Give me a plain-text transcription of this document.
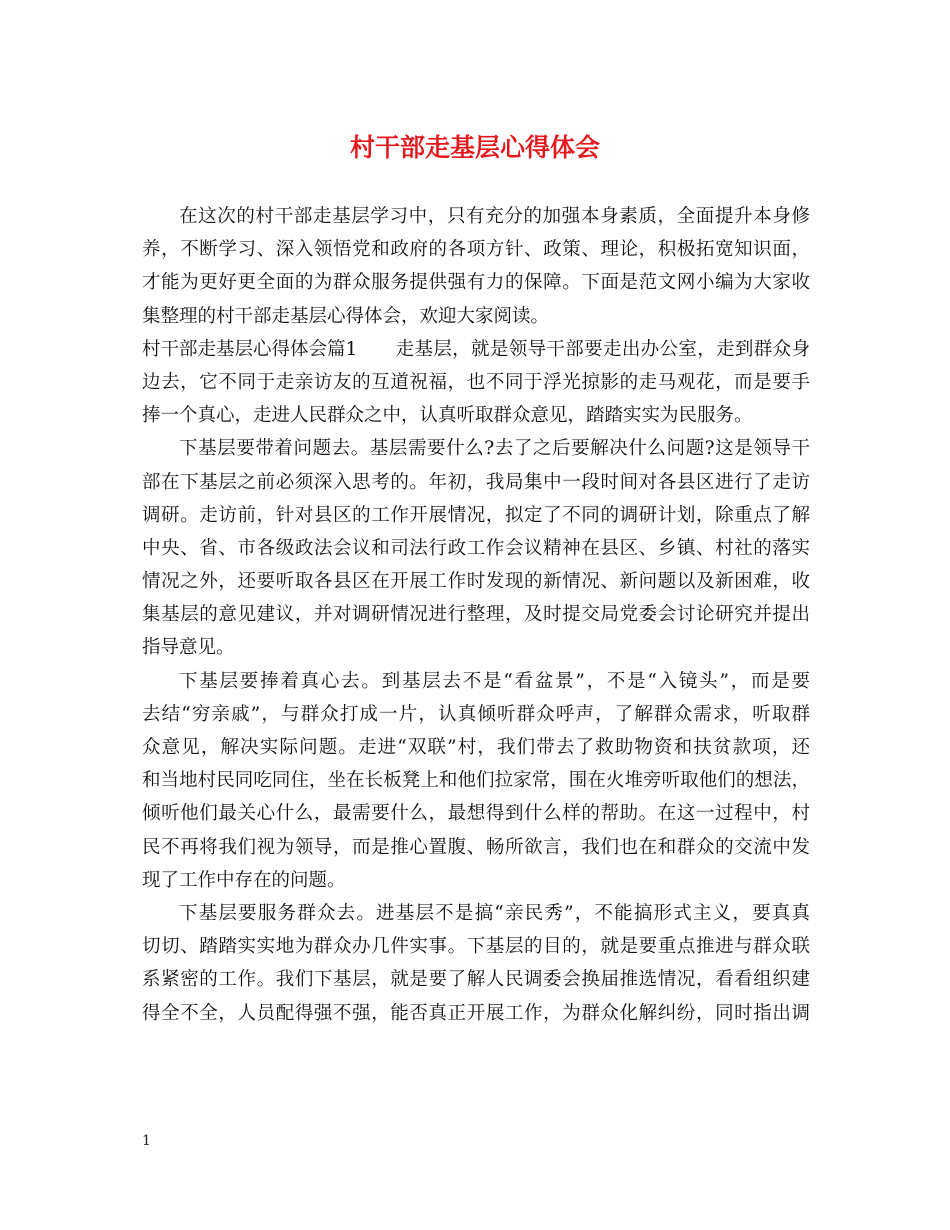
村干部走基层心得体会
在这次的村干部走基层学习中，只有充分的加强本身素质，全面提升本身修
养，不断学习、深入领悟党和政府的各项方针、政策、理论，积极拓宽知识面，
才能为更好更全面的为群众服务提供强有力的保障。下面是范文网小编为大家收
集整理的村干部走基层心得体会，欢迎大家阅读。
村干部走基层心得体会篇1 走基层，就是领导干部要走出办公室，走到群众身
边去，它不同于走亲访友的互道祝福，也不同于浮光掠影的走马观花，而是要手
捧一个真心，走进人民群众之中，认真听取群众意见，踏踏实实为民服务。
下基层要带着问题去。基层需要什么?去了之后要解决什么问题?这是领导干
部在下基层之前必须深入思考的。年初，我局集中一段时间对各县区进行了走访
调研。走访前，针对县区的工作开展情况，拟定了不同的调研计划，除重点了解
中央、省、市各级政法会议和司法行政工作会议精神在县区、乡镇、村社的落实
情况之外，还要听取各县区在开展工作时发现的新情况、新问题以及新困难，收
集基层的意见建议，并对调研情况进行整理，及时提交局党委会讨论研究并提出
指导意见。
下基层要捧着真心去。到基层去不是“看盆景”，不是“入镜头”，而是要
去结“穷亲戚”，与群众打成一片，认真倾听群众呼声，了解群众需求，听取群
众意见，解决实际问题。走进“双联”村，我们带去了救助物资和扶贫款项，还
和当地村民同吃同住，坐在长板凳上和他们拉家常，围在火堆旁听取他们的想法，
倾听他们最关心什么，最需要什么，最想得到什么样的帮助。在这一过程中，村
民不再将我们视为领导，而是推心置腹、畅所欲言，我们也在和群众的交流中发
现了工作中存在的问题。
下基层要服务群众去。进基层不是搞“亲民秀”，不能搞形式主义，要真真
切切、踏踏实实地为群众办几件实事。下基层的目的，就是要重点推进与群众联
系紧密的工作。我们下基层，就是要了解人民调委会换届推选情况，看看组织建
得全不全，人员配得强不强，能否真正开展工作，为群众化解纠纷，同时指出调
1
